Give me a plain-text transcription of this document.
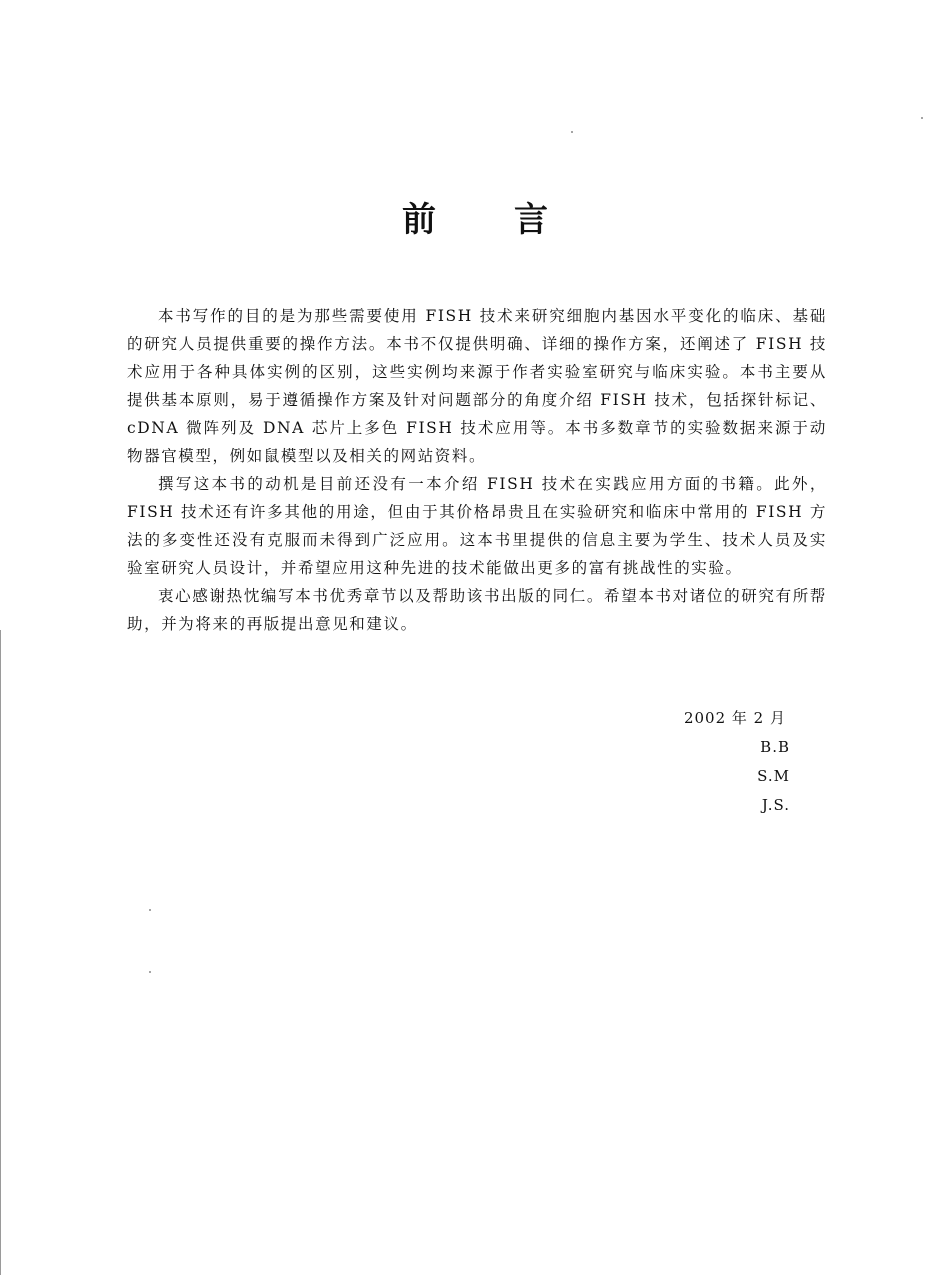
前 言

本书写作的目的是为那些需要使用 FISH 技术来研究细胞内基因水平变化的临床、基础的研究人员提供重要的操作方法。本书不仅提供明确、详细的操作方案，还阐述了 FISH 技术应用于各种具体实例的区别，这些实例均来源于作者实验室研究与临床实验。本书主要从提供基本原则，易于遵循操作方案及针对问题部分的角度介绍 FISH 技术，包括探针标记、cDNA 微阵列及 DNA 芯片上多色 FISH 技术应用等。本书多数章节的实验数据来源于动物器官模型，例如鼠模型以及相关的网站资料。

撰写这本书的动机是目前还没有一本介绍 FISH 技术在实践应用方面的书籍。此外，FISH 技术还有许多其他的用途，但由于其价格昂贵且在实验研究和临床中常用的 FISH 方法的多变性还没有克服而未得到广泛应用。这本书里提供的信息主要为学生、技术人员及实验室研究人员设计，并希望应用这种先进的技术能做出更多的富有挑战性的实验。

衷心感谢热忱编写本书优秀章节以及帮助该书出版的同仁。希望本书对诸位的研究有所帮助，并为将来的再版提出意见和建议。

2002 年 2 月
B.B
S.M
J.S.
